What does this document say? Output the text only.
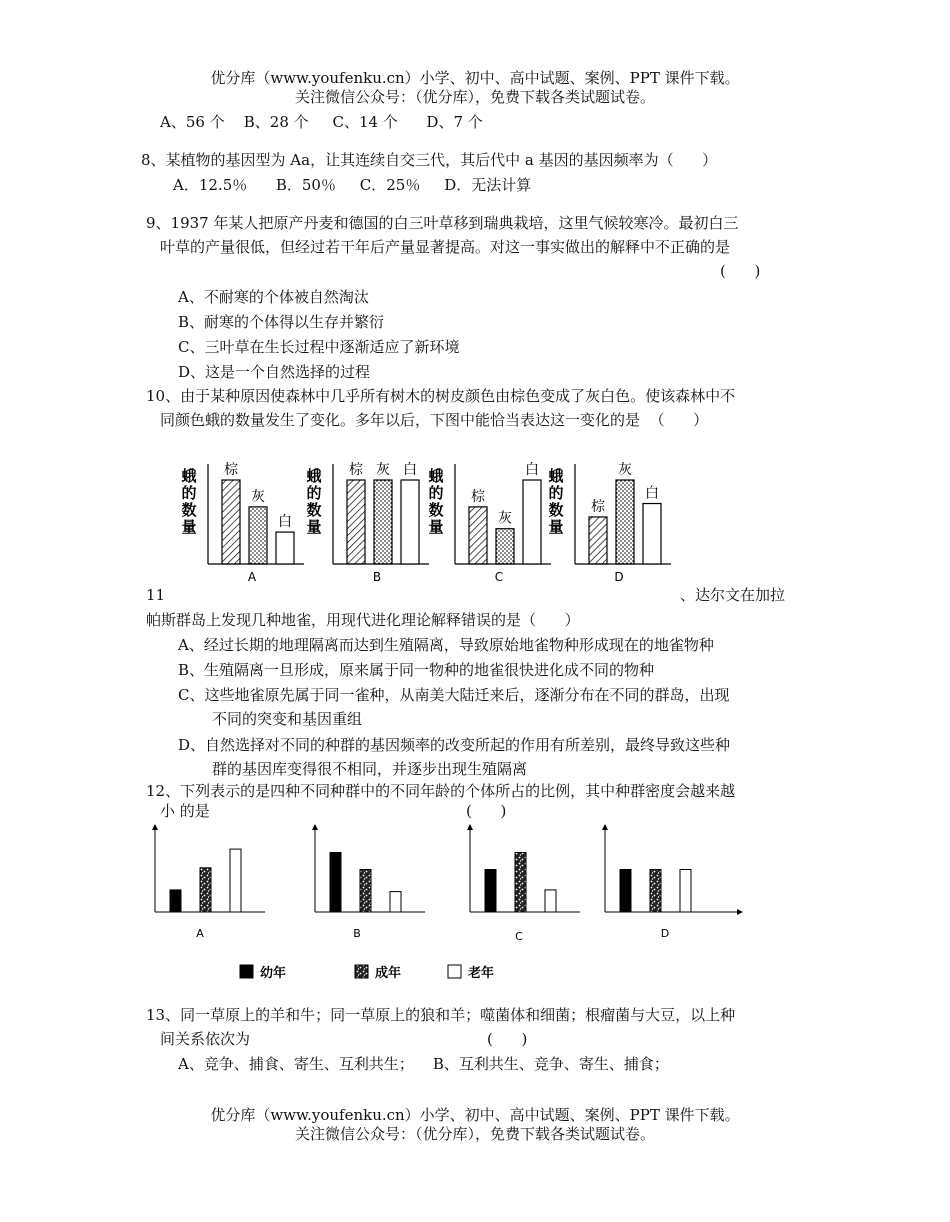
优分库（www.youfenku.cn）小学、初中、高中试题、案例、PPT 课件下载。
关注微信公众号：（优分库），免费下载各类试题试卷。
A、56 个    B、28 个     C、14 个      D、7 个
8、某植物的基因型为 Aa，让其连续自交三代，其后代中 a 基因的基因频率为（      ）
A．12.5％      B．50％     C．25％     D．无法计算
9、1937 年某人把原产丹麦和德国的白三叶草移到瑞典栽培，这里气候较寒冷。最初白三
叶草的产量很低，但经过若干年后产量显著提高。对这一事实做出的解释中不正确的是
(      )
A、不耐寒的个体被自然淘汰
B、耐寒的个体得以生存并繁衍
C、三叶草在生长过程中逐渐适应了新环境
D、这是一个自然选择的过程
10、由于某种原因使森林中几乎所有树木的树皮颜色由棕色变成了灰白色。使该森林中不
同颜色蛾的数量发生了变化。多年以后，下图中能恰当表达这一变化的是  （      ）
蛾
的
数
量
棕
灰
白
A
蛾
的
数
量
棕 灰 白
B
蛾
的
数
量
棕
灰
白
C
蛾
的
数
量
棕
灰
白
D
11	、达尔文在加拉
帕斯群岛上发现几种地雀，用现代进化理论解释错误的是（      ）
A、经过长期的地理隔离而达到生殖隔离，导致原始地雀物种形成现在的地雀物种
B、生殖隔离一旦形成，原来属于同一物种的地雀很快进化成不同的物种
C、这些地雀原先属于同一雀种，从南美大陆迁来后，逐渐分布在不同的群岛，出现
不同的突变和基因重组
D、自然选择对不同的种群的基因频率的改变所起的作用有所差别，最终导致这些种
群的基因库变得很不相同，并逐步出现生殖隔离
12、下列表示的是四种不同种群中的不同年龄的个体所占的比例，其中种群密度会越来越
小 的是	(      )
A	B	C	D
幼年	成年	老年
13、同一草原上的羊和牛；同一草原上的狼和羊；噬菌体和细菌；根瘤菌与大豆，以上种
间关系依次为	(      )
A、竞争、捕食、寄生、互利共生；    B、互利共生、竞争、寄生、捕食；
优分库（www.youfenku.cn）小学、初中、高中试题、案例、PPT 课件下载。
关注微信公众号：（优分库），免费下载各类试题试卷。
